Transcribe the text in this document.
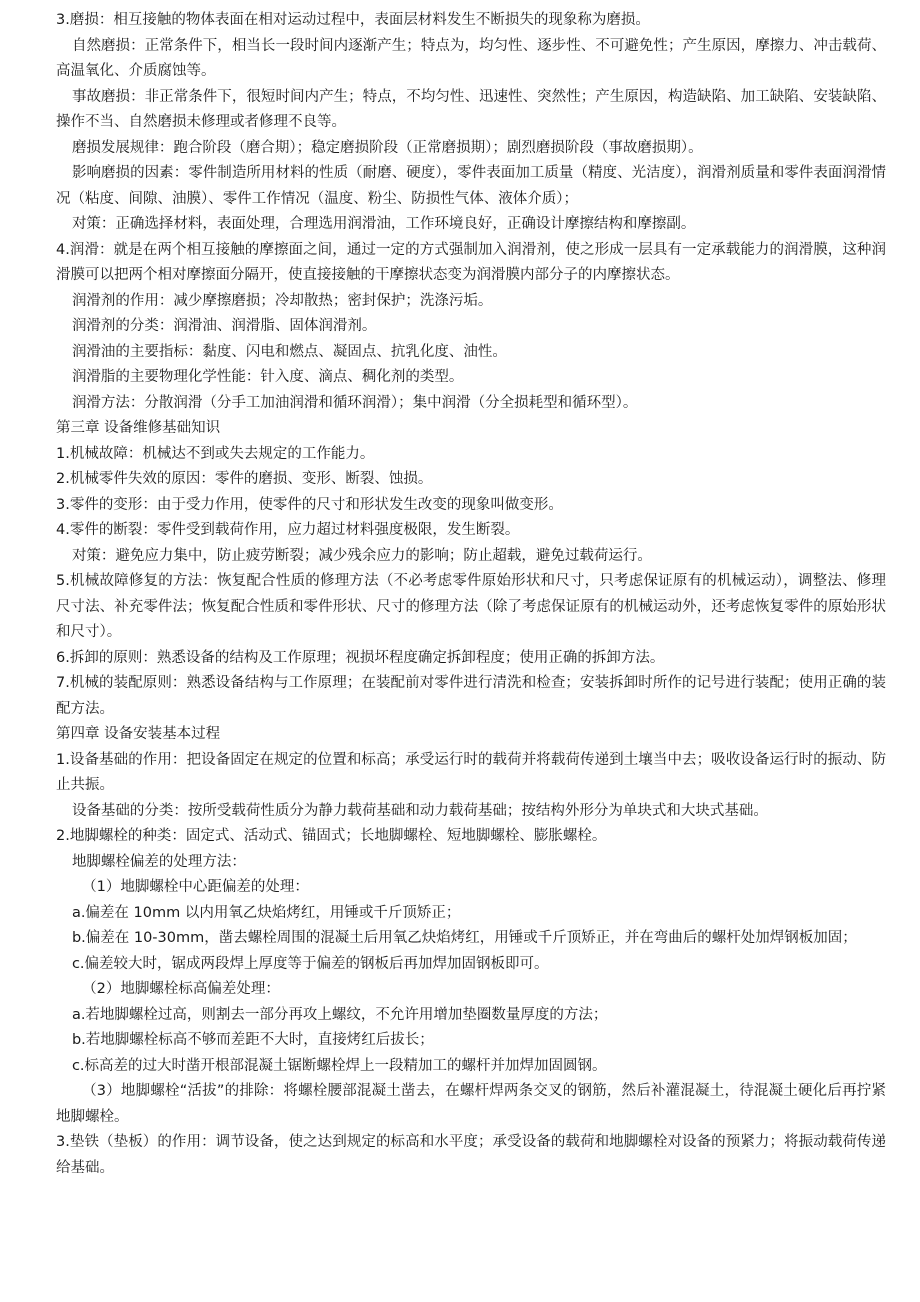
3.磨损：相互接触的物体表面在相对运动过程中，表面层材料发生不断损失的现象称为磨损。

自然磨损：正常条件下，相当长一段时间内逐渐产生；特点为，均匀性、逐步性、不可避免性；产生原因，摩擦力、冲击载荷、高温氧化、介质腐蚀等。

事故磨损：非正常条件下，很短时间内产生；特点，不均匀性、迅速性、突然性；产生原因，构造缺陷、加工缺陷、安装缺陷、操作不当、自然磨损未修理或者修理不良等。

磨损发展规律：跑合阶段（磨合期）；稳定磨损阶段（正常磨损期）；剧烈磨损阶段（事故磨损期）。

影响磨损的因素：零件制造所用材料的性质（耐磨、硬度），零件表面加工质量（精度、光洁度），润滑剂质量和零件表面润滑情况（粘度、间隙、油膜）、零件工作情况（温度、粉尘、防损性气体、液体介质）；

对策：正确选择材料，表面处理，合理选用润滑油，工作环境良好，正确设计摩擦结构和摩擦副。

4.润滑：就是在两个相互接触的摩擦面之间，通过一定的方式强制加入润滑剂，使之形成一层具有一定承载能力的润滑膜，这种润滑膜可以把两个相对摩擦面分隔开，使直接接触的干摩擦状态变为润滑膜内部分子的内摩擦状态。

润滑剂的作用：减少摩擦磨损；冷却散热；密封保护；洗涤污垢。

润滑剂的分类：润滑油、润滑脂、固体润滑剂。

润滑油的主要指标：黏度、闪电和燃点、凝固点、抗乳化度、油性。

润滑脂的主要物理化学性能：针入度、滴点、稠化剂的类型。

润滑方法：分散润滑（分手工加油润滑和循环润滑）；集中润滑（分全损耗型和循环型）。

第三章 设备维修基础知识

1.机械故障：机械达不到或失去规定的工作能力。

2.机械零件失效的原因：零件的磨损、变形、断裂、蚀损。

3.零件的变形：由于受力作用，使零件的尺寸和形状发生改变的现象叫做变形。

4.零件的断裂：零件受到载荷作用，应力超过材料强度极限，发生断裂。

对策：避免应力集中，防止疲劳断裂；减少残余应力的影响；防止超载，避免过载荷运行。

5.机械故障修复的方法：恢复配合性质的修理方法（不必考虑零件原始形状和尺寸，只考虑保证原有的机械运动），调整法、修理尺寸法、补充零件法；恢复配合性质和零件形状、尺寸的修理方法（除了考虑保证原有的机械运动外，还考虑恢复零件的原始形状和尺寸）。

6.拆卸的原则：熟悉设备的结构及工作原理；视损坏程度确定拆卸程度；使用正确的拆卸方法。

7.机械的装配原则：熟悉设备结构与工作原理；在装配前对零件进行清洗和检查；安装拆卸时所作的记号进行装配；使用正确的装配方法。

第四章 设备安装基本过程

1.设备基础的作用：把设备固定在规定的位置和标高；承受运行时的载荷并将载荷传递到土壤当中去；吸收设备运行时的振动、防止共振。

设备基础的分类：按所受载荷性质分为静力载荷基础和动力载荷基础；按结构外形分为单块式和大块式基础。

2.地脚螺栓的种类：固定式、活动式、锚固式；长地脚螺栓、短地脚螺栓、膨胀螺栓。

地脚螺栓偏差的处理方法：

（1）地脚螺栓中心距偏差的处理：

a.偏差在 10mm 以内用氧乙炔焰烤红，用锤或千斤顶矫正；

b.偏差在 10-30mm，凿去螺栓周围的混凝土后用氧乙炔焰烤红，用锤或千斤顶矫正，并在弯曲后的螺杆处加焊钢板加固；

c.偏差较大时，锯成两段焊上厚度等于偏差的钢板后再加焊加固钢板即可。

（2）地脚螺栓标高偏差处理：

a.若地脚螺栓过高，则割去一部分再攻上螺纹，不允许用增加垫圈数量厚度的方法；

b.若地脚螺栓标高不够而差距不大时，直接烤红后拔长；

c.标高差的过大时凿开根部混凝土锯断螺栓焊上一段精加工的螺杆并加焊加固圆钢。

（3）地脚螺栓“活拔”的排除：将螺栓腰部混凝土凿去，在螺杆焊两条交叉的钢筋，然后补灌混凝土，待混凝土硬化后再拧紧地脚螺栓。

3.垫铁（垫板）的作用：调节设备，使之达到规定的标高和水平度；承受设备的载荷和地脚螺栓对设备的预紧力；将振动载荷传递给基础。
